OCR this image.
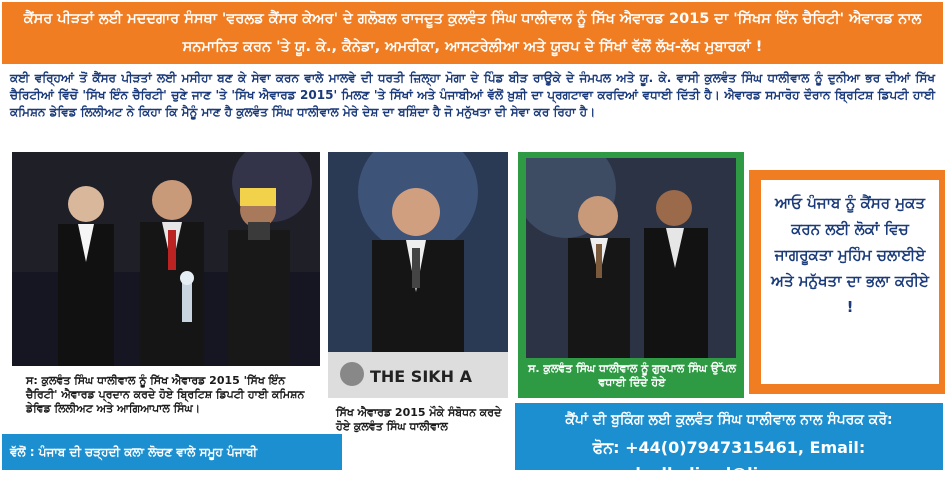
ਕੈਂਸਰ ਪੀੜਤਾਂ ਲਈ ਮਦਦਗਾਰ ਸੰਸਥਾ 'ਵਰਲਡ ਕੈਂਸਰ ਕੇਅਰ' ਦੇ ਗਲੋਬਲ ਰਾਜਦੂਤ ਕੁਲਵੰਤ ਸਿੰਘ ਧਾਲੀਵਾਲ ਨੂੰ ਸਿੱਖ ਐਵਾਰਡ 2015 ਦਾ 'ਸਿੱਖਸ ਇੰਨ ਚੈਰਿਟੀ' ਐਵਾਰਡ ਨਾਲ ਸਨਮਾਨਿਤ ਕਰਨ 'ਤੇ ਯੂ. ਕੇ., ਕੈਨੇਡਾ, ਅਮਰੀਕਾ, ਆਸਟਰੇਲੀਆ ਅਤੇ ਯੂਰਪ ਦੇ ਸਿੱਖਾਂ ਵੱਲੋਂ ਲੱਖ-ਲੱਖ ਮੁਬਾਰਕਾਂ !
ਕਈ ਵਰ੍ਹਿਆਂ ਤੋਂ ਕੈਂਸਰ ਪੀੜਤਾਂ ਲਈ ਮਸੀਹਾ ਬਣ ਕੇ ਸੇਵਾ ਕਰਨ ਵਾਲੇ ਮਾਲਵੇ ਦੀ ਧਰਤੀ ਜ਼ਿਲ੍ਹਾ ਮੋਗਾ ਦੇ ਪਿੰਡ ਬੀੜ ਰਾਊਕੇ ਦੇ ਜੰਮਪਲ ਅਤੇ ਯੂ. ਕੇ. ਵਾਸੀ ਕੁਲਵੰਤ ਸਿੰਘ ਧਾਲੀਵਾਲ ਨੂੰ ਦੁਨੀਆ ਭਰ ਦੀਆਂ ਸਿੱਖ ਚੈਰਿਟੀਆਂ ਵਿੱਚੋਂ 'ਸਿੱਖ ਇੰਨ ਚੈਰਿਟੀ' ਚੁਣੇ ਜਾਣ 'ਤੇ 'ਸਿੱਖ ਐਵਾਰਡ 2015' ਮਿਲਣ 'ਤੇ ਸਿੱਖਾਂ ਅਤੇ ਪੰਜਾਬੀਆਂ ਵੱਲੋਂ ਖ਼ੁਸ਼ੀ ਦਾ ਪ੍ਰਗਟਾਵਾ ਕਰਦਿਆਂ ਵਧਾਈ ਦਿੱਤੀ ਹੈ। ਐਵਾਰਡ ਸਮਾਰੋਹ ਦੌਰਾਨ ਬ੍ਰਿਟਿਸ਼ ਡਿਪਟੀ ਹਾਈ ਕਮਿਸ਼ਨ ਡੇਵਿਡ ਲਿਲੀਅਟ ਨੇ ਕਿਹਾ ਕਿ ਮੈਨੂੰ ਮਾਣ ਹੈ ਕੁਲਵੰਤ ਸਿੰਘ ਧਾਲੀਵਾਲ ਮੇਰੇ ਦੇਸ਼ ਦਾ ਬਸ਼ਿੰਦਾ ਹੈ ਜੋ ਮਨੁੱਖਤਾ ਦੀ ਸੇਵਾ ਕਰ ਰਿਹਾ ਹੈ।
ਸ: ਕੁਲਵੰਤ ਸਿੰਘ ਧਾਲੀਵਾਲ ਨੂੰ ਸਿੱਖ ਐਵਾਰਡ 2015 'ਸਿੱਖ ਇੰਨ ਚੈਰਿਟੀ' ਐਵਾਰਡ ਪ੍ਰਦਾਨ ਕਰਦੇ ਹੋਏ ਬ੍ਰਿਟਿਸ਼ ਡਿਪਟੀ ਹਾਈ ਕਮਿਸ਼ਨ ਡੇਵਿਡ ਲਿਲੀਅਟ ਅਤੇ ਆਗਿਆਪਾਲ ਸਿੰਘ।
THE SIKH A
ਸਿੱਖ ਐਵਾਰਡ 2015 ਮੌਕੇ ਸੰਬੋਧਨ ਕਰਦੇ ਹੋਏ ਕੁਲਵੰਤ ਸਿੰਘ ਧਾਲੀਵਾਲ
ਸ. ਕੁਲਵੰਤ ਸਿੰਘ ਧਾਲੀਵਾਲ ਨੂੰ ਗੁਰਪਾਲ ਸਿੰਘ ਉੱਪਲ ਵਧਾਈ ਦਿੰਦੇ ਹੋਏ
ਆਓ ਪੰਜਾਬ ਨੂੰ ਕੈਂਸਰ ਮੁਕਤ ਕਰਨ ਲਈ ਲੋਕਾਂ ਵਿਚ ਜਾਗਰੂਕਤਾ ਮੁਹਿੰਮ ਚਲਾਈਏ ਅਤੇ ਮਨੁੱਖਤਾ ਦਾ ਭਲਾ ਕਰੀਏ !
ਵੱਲੋਂ : ਪੰਜਾਬ ਦੀ ਚੜ੍ਹਦੀ ਕਲਾ ਲੋਚਣ ਵਾਲੇ ਸਮੂਹ ਪੰਜਾਬੀ
ਕੈਂਪਾਂ ਦੀ ਬੁਕਿੰਗ ਲਈ ਕੁਲਵੰਤ ਸਿੰਘ ਧਾਲੀਵਾਲ ਨਾਲ ਸੰਪਰਕ ਕਰੋ:
ਫੋਨ: +44(0)7947315461, Email: ksdhaliwal@live.com
